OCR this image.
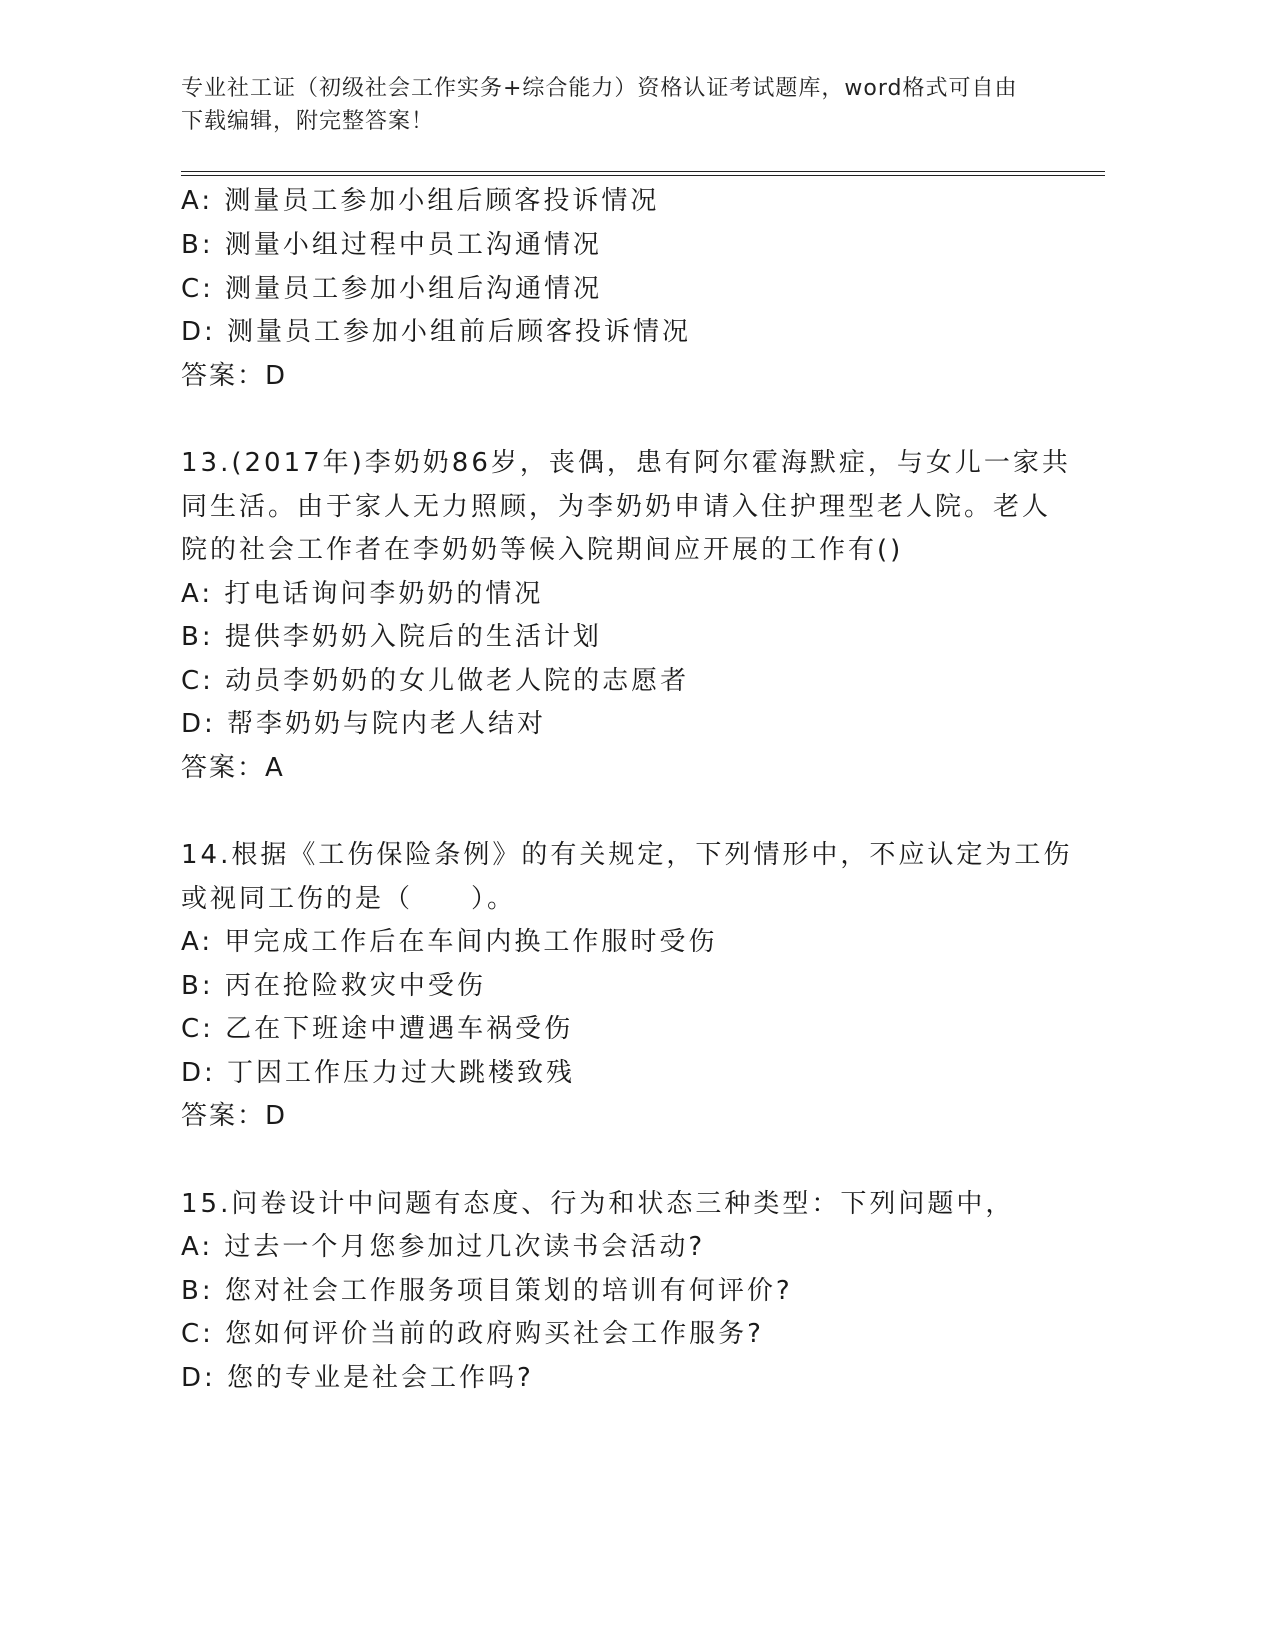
专业社工证（初级社会工作实务+综合能力）资格认证考试题库，word格式可自由
下载编辑，附完整答案！
A: 测量员工参加小组后顾客投诉情况
B: 测量小组过程中员工沟通情况
C: 测量员工参加小组后沟通情况
D: 测量员工参加小组前后顾客投诉情况
答案：D
13.(2017年)李奶奶86岁，丧偶，患有阿尔霍海默症，与女儿一家共
同生活。由于家人无力照顾，为李奶奶申请入住护理型老人院。老人
院的社会工作者在李奶奶等候入院期间应开展的工作有()
A: 打电话询问李奶奶的情况
B: 提供李奶奶入院后的生活计划
C: 动员李奶奶的女儿做老人院的志愿者
D: 帮李奶奶与院内老人结对
答案：A
14.根据《工伤保险条例》的有关规定，下列情形中，不应认定为工伤
或视同工伤的是（　　）。
A: 甲完成工作后在车间内换工作服时受伤
B: 丙在抢险救灾中受伤
C: 乙在下班途中遭遇车祸受伤
D: 丁因工作压力过大跳楼致残
答案：D
15.问卷设计中问题有态度、行为和状态三种类型：下列问题中，
A: 过去一个月您参加过几次读书会活动?
B: 您对社会工作服务项目策划的培训有何评价?
C: 您如何评价当前的政府购买社会工作服务?
D: 您的专业是社会工作吗?
